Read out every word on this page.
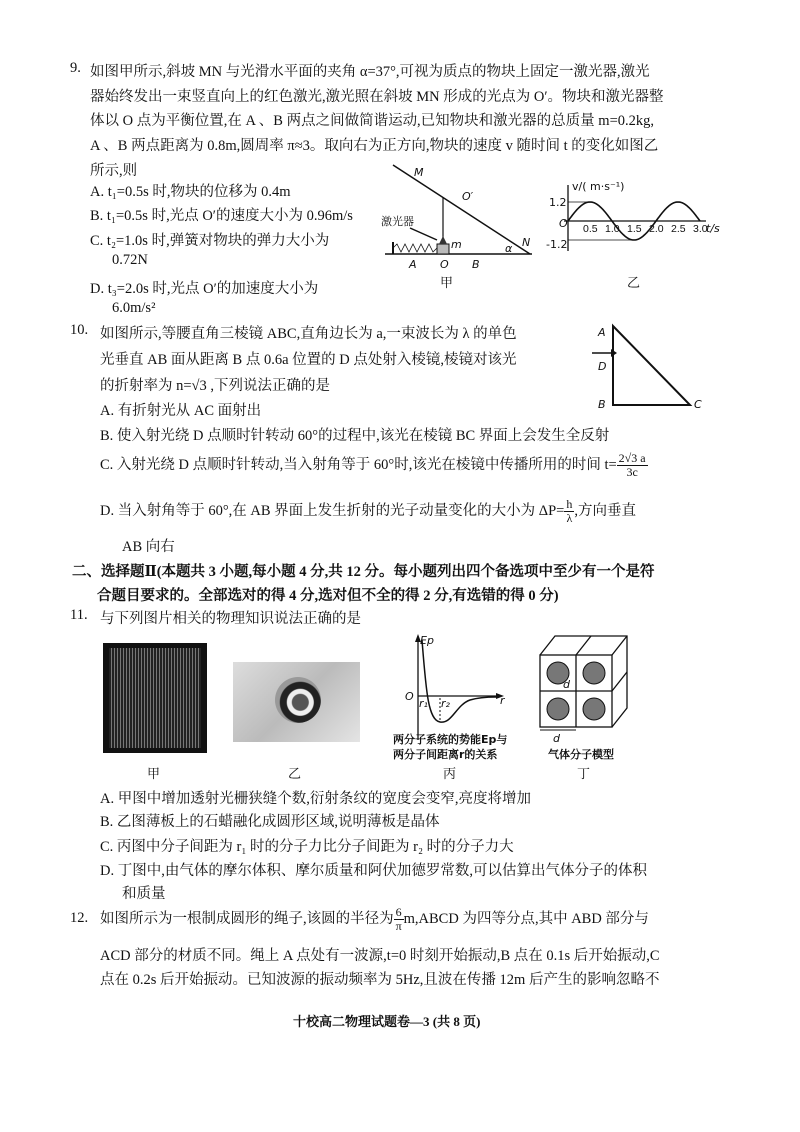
9. 如图甲所示,斜坡 MN 与光滑水平面的夹角 α=37°,可视为质点的物块上固定一激光器,激光
器始终发出一束竖直向上的红色激光,激光照在斜坡 MN 形成的光点为 O′。物块和激光器整
体以 O 点为平衡位置,在 A 、B 两点之间做简谐运动,已知物块和激光器的总质量 m=0.2kg,
A 、B 两点距离为 0.8m,圆周率 π≈3。取向右为正方向,物块的速度 v 随时间 t 的变化如图乙
所示,则
A. t₁=0.5s 时,物块的位移为 0.4m
B. t₁=0.5s 时,光点 O′的速度大小为 0.96m/s
C. t₂=1.0s 时,弹簧对物块的弹力大小为
0.72N
D. t₃=2.0s 时,光点 O′的加速度大小为
6.0m/s²
M
O′
激光器
m	N
α
A O B
甲
v/( m·s⁻¹)
1.2
-1.2
O 0.5 1.0 1.5 2.0 2.5 3.0
t/s
乙
10. 如图所示,等腰直角三棱镜 ABC,直角边长为 a,一束波长为 λ 的单色
光垂直 AB 面从距离 B 点 0.6a 位置的 D 点处射入棱镜,棱镜对该光
的折射率为 n=√3 ,下列说法正确的是
A. 有折射光从 AC 面射出
B. 使入射光绕 D 点顺时针转动 60°的过程中,该光在棱镜 BC 界面上会发生全反射
C. 入射光绕 D 点顺时针转动,当入射角等于 60°时,该光在棱镜中传播所用的时间 $t= \frac{2√3 a}{3c}$
D. 当入射角等于 60°,在 AB 界面上发生折射的光子动量变化的大小为 $\Delta P= \frac{h}{\lambda}$ ,方向垂直
AB 向右
A
D
B	C
二、选择题Ⅱ(本题共 3 小题,每小题 4 分,共 12 分。每小题列出四个备选项中至少有一个是符
合题目要求的。全部选对的得 4 分,选对但不全的得 2 分,有选错的得 0 分)
11. 与下列图片相关的物理知识说法正确的是
Ep
O
r₁ r₂	r
两分子系统的势能Ep与
两分子间距离r的关系
d
d
气体分子模型
甲	乙	丙	丁
A. 甲图中增加透射光栅狭缝个数,衍射条纹的宽度会变窄,亮度将增加
B. 乙图薄板上的石蜡融化成圆形区域,说明薄板是晶体
C. 丙图中分子间距为 r₁ 时的分子力比分子间距为 r₂ 时的分子力大
D. 丁图中,由气体的摩尔体积、摩尔质量和阿伏加德罗常数,可以估算出气体分子的体积
和质量
12. 如图所示为一根制成圆形的绳子,该圆的半径为 $\frac{6}{\pi}$ m,ABCD 为四等分点,其中 ABD 部分与
ACD 部分的材质不同。绳上 A 点处有一波源,t=0 时刻开始振动,B 点在 0.1s 后开始振动,C
点在 0.2s 后开始振动。已知波源的振动频率为 5Hz,且波在传播 12m 后产生的影响忽略不
十校高二物理试题卷—3 (共 8 页)
